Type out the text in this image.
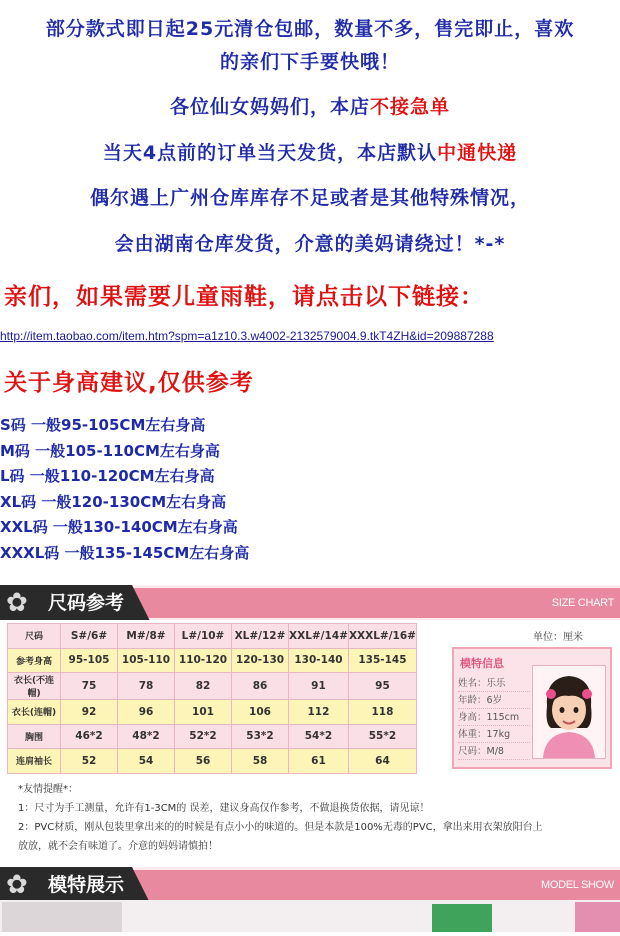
部分款式即日起25元清仓包邮，数量不多，售完即止，喜欢
的亲们下手要快哦！
各位仙女妈妈们，本店不接急单
当天4点前的订单当天发货，本店默认中通快递
偶尔遇上广州仓库库存不足或者是其他特殊情况，
会由湖南仓库发货，介意的美妈请绕过！*-*
亲们，如果需要儿童雨鞋，请点击以下链接：
http://item.taobao.com/item.htm?spm=a1z10.3.w4002-2132579004.9.tkT4ZH&id=209887288
关于身高建议,仅供参考
S码 一般95-105CM左右身高
M码 一般105-110CM左右身高
L码 一般110-120CM左右身高
XL码 一般120-130CM左右身高
XXL码 一般130-140CM左右身高
XXXL码 一般135-145CM左右身高
✿ 尺码参考	SIZE CHART
单位：厘米
尺码	S#/6#	M#/8#	L#/10#	XL#/12#	XXL#/14#	XXXL#/16#
参考身高	95-105	105-110	110-120	120-130	130-140	135-145
衣长(不连帽)	75	78	82	86	91	95
衣长(连帽)	92	96	101	106	112	118
胸围	46*2	48*2	52*2	53*2	54*2	55*2
连肩袖长	52	54	56	58	61	64
模特信息
姓名：乐乐
年龄：6岁
身高：115cm
体重：17kg
尺码：M/8
*友情提醒*：
1：尺寸为手工测量，允许有1-3CM的 误差，建议身高仅作参考，不做退换货依据，请见谅！
2：PVC材质，刚从包装里拿出来的的时候是有点小小的味道的。但是本款是100%无毒的PVC，拿出来用衣架放阳台上
放放，就不会有味道了。介意的妈妈请慎拍！
✿ 模特展示	MODEL SHOW
